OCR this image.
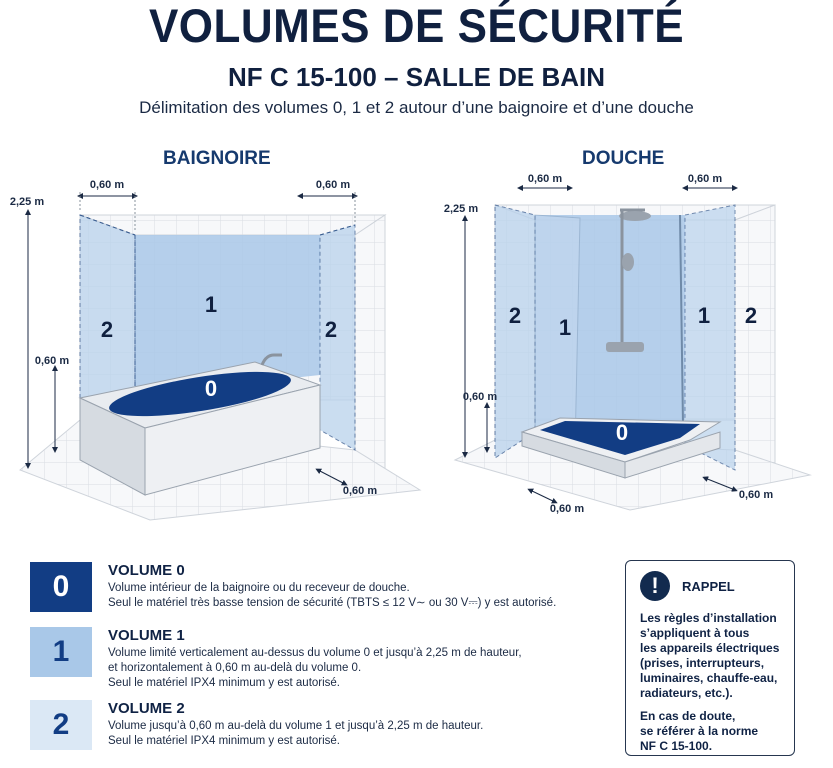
VOLUMES DE SÉCURITÉ
NF C 15-100 – SALLE DE BAIN
Délimitation des volumes 0, 1 et 2 autour d’une baignoire et d’une douche
BAIGNOIRE	DOUCHE
0
1
2	2
0,60 m	0,60 m
2,25 m
0,60 m
0,60 m
0
1	1
2	2
0,60 m	0,60 m
2,25 m
0,60 m
0,60 m
0,60 m
0	VOLUME 0
Volume intérieur de la baignoire ou du receveur de douche.
Seul le matériel très basse tension de sécurité (TBTS ≤ 12 V∼ ou 30 V⎓) y est autorisé.
1	VOLUME 1
Volume limité verticalement au-dessus du volume 0 et jusqu’à 2,25 m de hauteur,
et horizontalement à 0,60 m au-delà du volume 0.
Seul le matériel IPX4 minimum y est autorisé.
2	VOLUME 2
Volume jusqu’à 0,60 m au-delà du volume 1 et jusqu’à 2,25 m de hauteur.
Seul le matériel IPX4 minimum y est autorisé.
!	RAPPEL

Les règles d’installation
s’appliquent à tous
les appareils électriques
(prises, interrupteurs,
luminaires, chauffe-eau,
radiateurs, etc.).

En cas de doute,
se référer à la norme
NF C 15-100.
